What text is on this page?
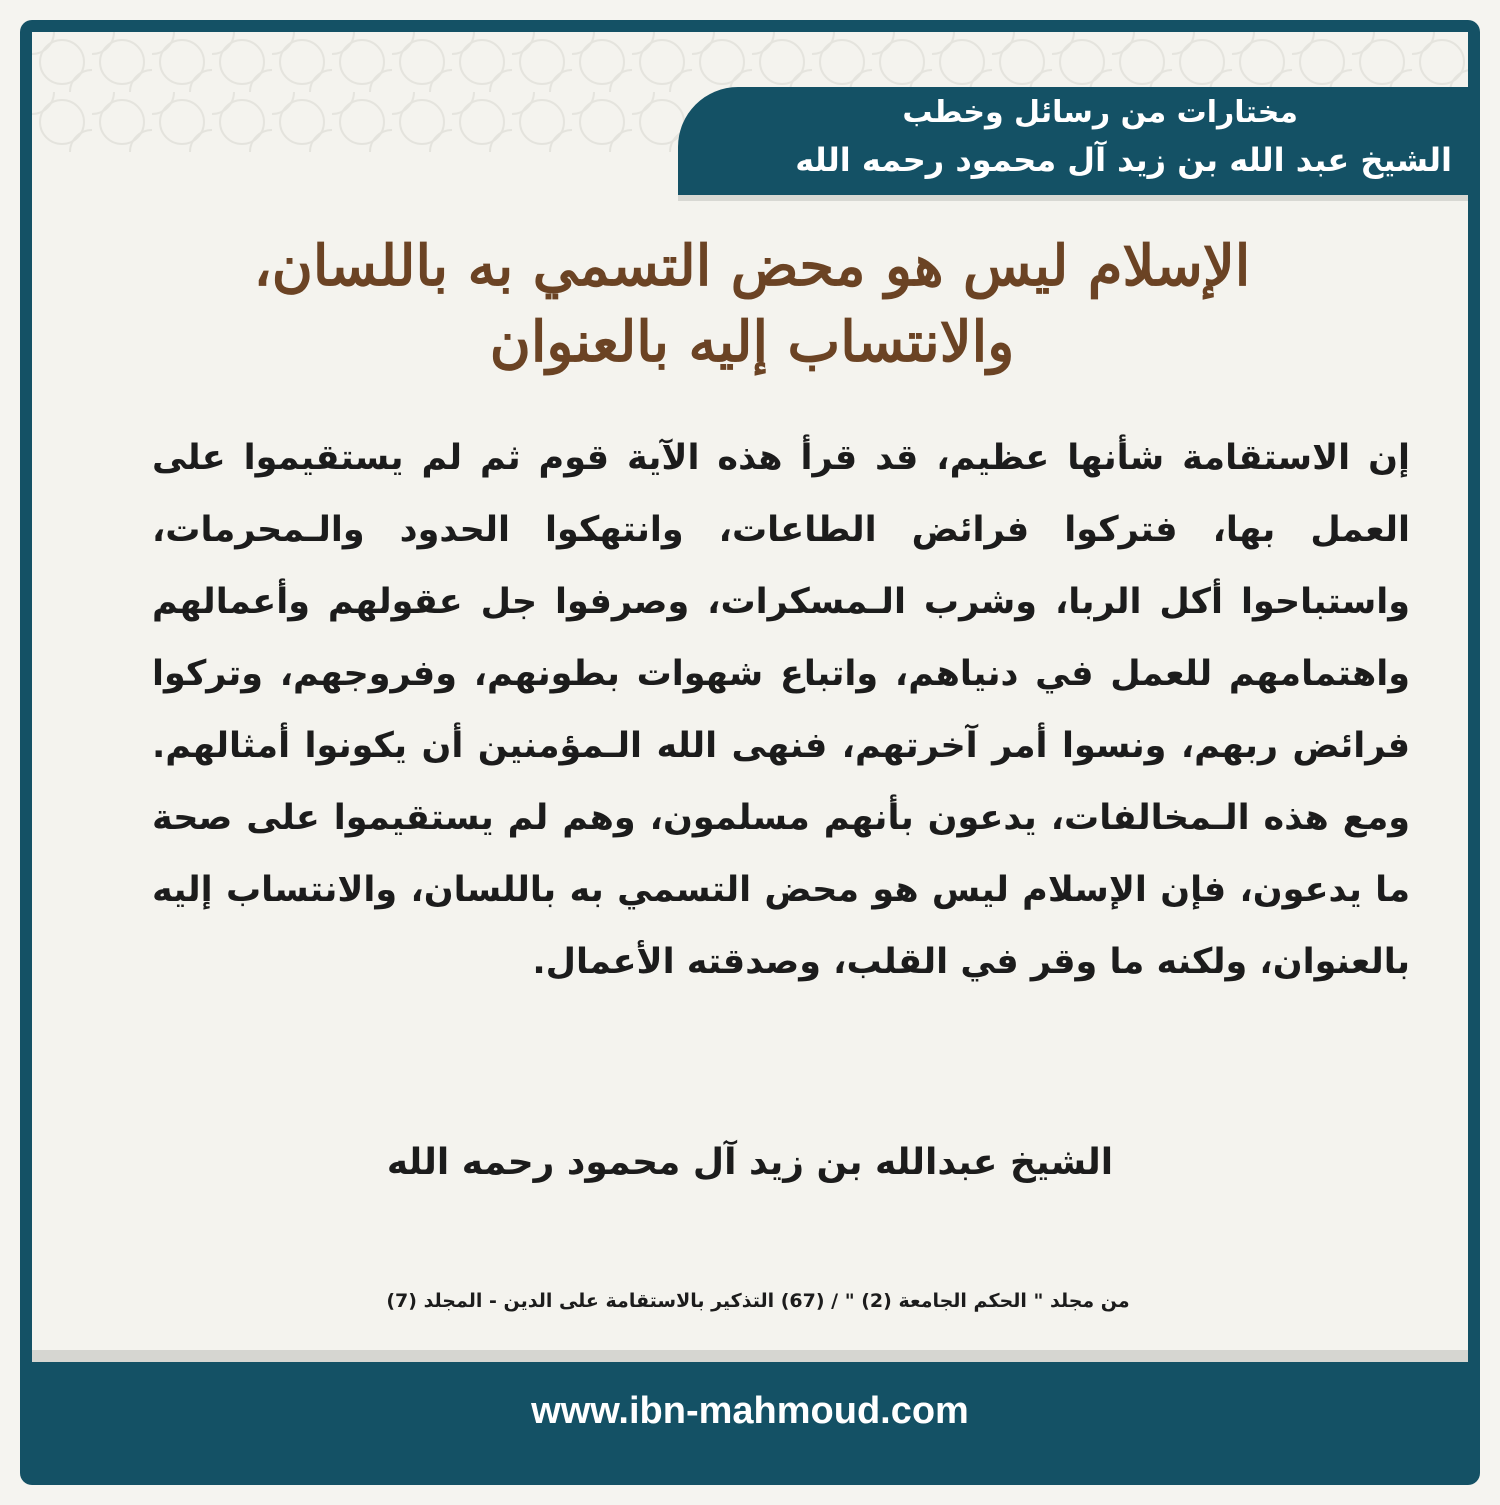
مختارات من رسائل وخطب
الشيخ عبد الله بن زيد آل محمود رحمه الله
الإسلام ليس هو محض التسمي به باللسان،
والانتساب إليه بالعنوان
إن الاستقامة شأنها عظيم، قد قرأ هذه الآية قوم ثم لم يستقيموا على العمل بها، فتركوا فرائض الطاعات، وانتهكوا الحدود والـمحرمات، واستباحوا أكل الربا، وشرب الـمسكرات، وصرفوا جل عقولهم وأعمالهم واهتمامهم للعمل في دنياهم، واتباع شهوات بطونهم، وفروجهم، وتركوا فرائض ربهم، ونسوا أمر آخرتهم، فنهى الله الـمؤمنين أن يكونوا أمثالهم. ومع هذه الـمخالفات، يدعون بأنهم مسلمون، وهم لم يستقيموا على صحة ما يدعون، فإن الإسلام ليس هو محض التسمي به باللسان، والانتساب إليه بالعنوان، ولكنه ما وقر في القلب، وصدقته الأعمال.
الشيخ عبدالله بن زيد آل محمود رحمه الله
من مجلد " الحكم الجامعة (2) " / (67) التذكير بالاستقامة على الدين - المجلد (7)
www.ibn-mahmoud.com
